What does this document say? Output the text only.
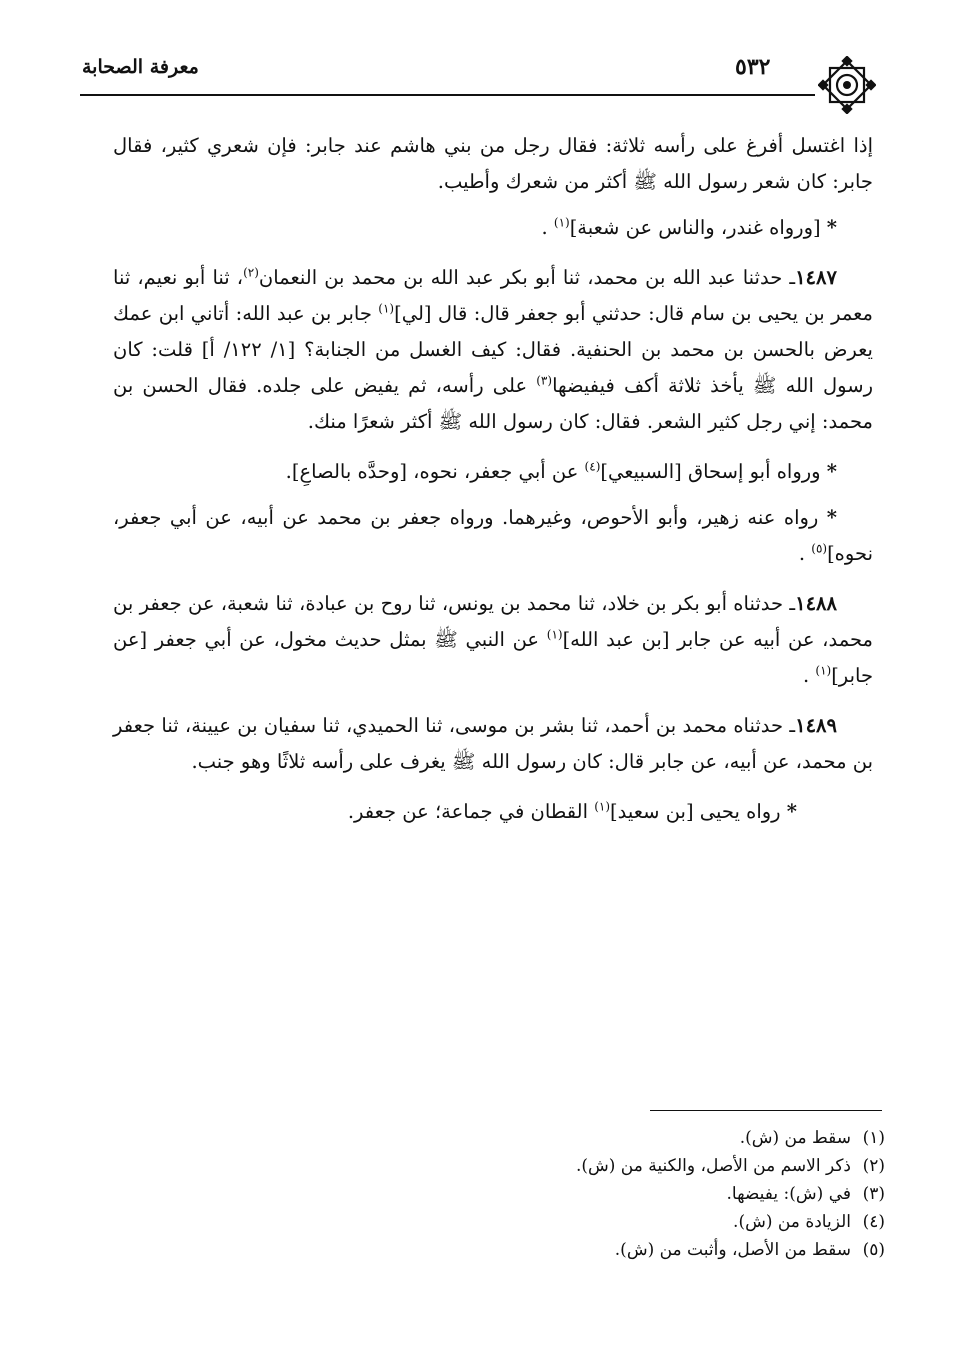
معرفة الصحابة	٥٣٢

إذا اغتسل أفرغ على رأسه ثلاثة: فقال رجل من بني هاشم عند جابر: فإن شعري كثير، فقال جابر: كان شعر رسول الله ﷺ أكثر من شعرك وأطيب.

* [ورواه غندر، والناس عن شعبة]$^{(١)}$ .

١٤٨٧ـ حدثنا عبد الله بن محمد، ثنا أبو بكر عبد الله بن محمد بن النعمان$^{(٢)}$، ثنا أبو نعيم، ثنا معمر بن يحيى بن سام قال: حدثني أبو جعفر قال: قال [لي]$^{(١)}$ جابر بن عبد الله: أتاني ابن عمك يعرض بالحسن بن محمد بن الحنفية. فقال: كيف الغسل من الجنابة؟ [١/ ١٢٢/ أ] قلت: كان رسول الله ﷺ يأخذ ثلاثة أكف فيفيضها$^{(٣)}$ على رأسه، ثم يفيض على جلده. فقال الحسن بن محمد: إني رجل كثير الشعر. فقال: كان رسول الله ﷺ أكثر شعرًا منك.

* ورواه أبو إسحاق [السبيعي]$^{(٤)}$ عن أبي جعفر، نحوه، [وحدَّه بالصاعِ].

* رواه عنه زهير، وأبو الأحوص، وغيرهما. ورواه جعفر بن محمد عن أبيه، عن أبي جعفر، نحوه]$^{(٥)}$ .

١٤٨٨ـ حدثناه أبو بكر بن خلاد، ثنا محمد بن يونس، ثنا روح بن عبادة، ثنا شعبة، عن جعفر بن محمد، عن أبيه عن جابر [بن عبد الله]$^{(١)}$ عن النبي ﷺ بمثل حديث مخول، عن أبي جعفر [عن جابر]$^{(١)}$ .

١٤٨٩ـ حدثناه محمد بن أحمد، ثنا بشر بن موسى، ثنا الحميدي، ثنا سفيان بن عيينة، ثنا جعفر بن محمد، عن أبيه، عن جابر قال: كان رسول الله ﷺ يغرف على رأسه ثلاثًا وهو جنب.

* رواه يحيى [بن سعيد]$^{(١)}$ القطان في جماعة؛ عن جعفر.

(١)سقط من (ش).
(٢)ذكر الاسم من الأصل، والكنية من (ش).
(٣)في (ش): يفيضها.
(٤)الزيادة من (ش).
(٥)سقط من الأصل، وأثبت من (ش).
